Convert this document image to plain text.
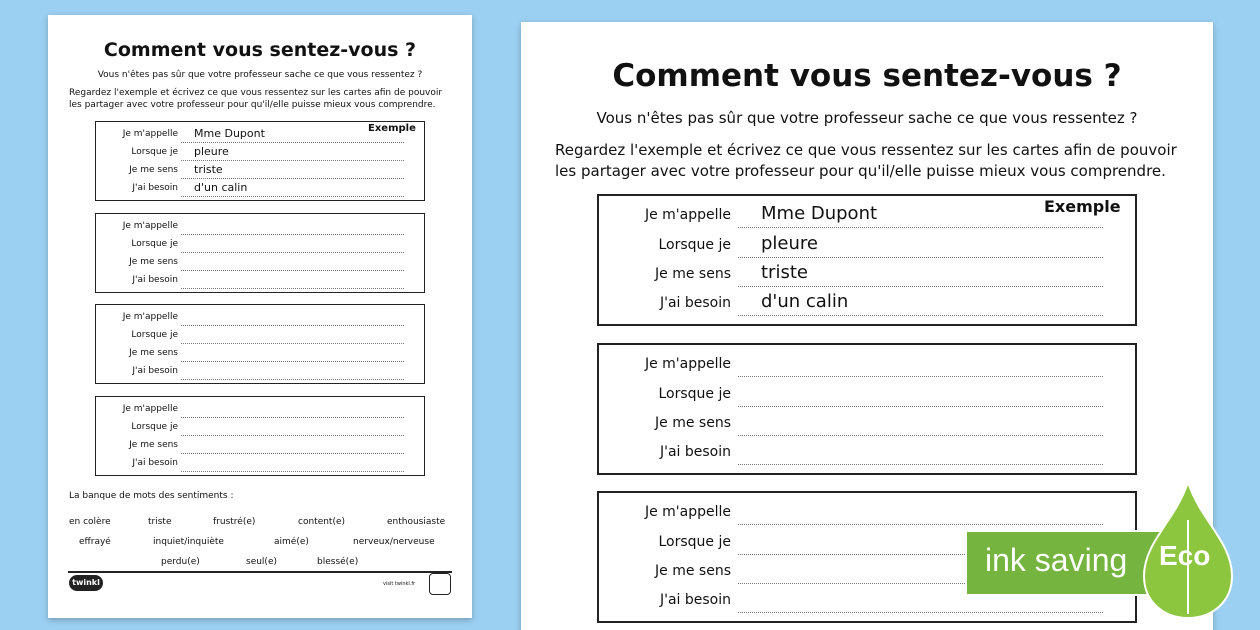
Comment vous sentez-vous ?
Vous n'êtes pas sûr que votre professeur sache ce que vous ressentez ?
Regardez l'exemple et écrivez ce que vous ressentez sur les cartes afin de pouvoir
les partager avec votre professeur pour qu'il/elle puisse mieux vous comprendre.
Exemple
Je m'appelle Mme Dupont
Lorsque je pleure
Je me sens triste
J'ai besoin d'un calin
Je m'appelle
Lorsque je
Je me sens
J'ai besoin
Je m'appelle
Lorsque je
Je me sens
J'ai besoin
Je m'appelle
Lorsque je
Je me sens
J'ai besoin
La banque de mots des sentiments :
en colère	triste	frustré(e)	content(e)	enthousiaste
effrayé	inquiet/inquiète	aimé(e)	nerveux/nerveuse
perdu(e)	seul(e)	blessé(e)
twinkl	visit twinkl.fr
Comment vous sentez-vous ?
Vous n'êtes pas sûr que votre professeur sache ce que vous ressentez ?
Regardez l'exemple et écrivez ce que vous ressentez sur les cartes afin de pouvoir
les partager avec votre professeur pour qu'il/elle puisse mieux vous comprendre.
Exemple
Je m'appelle Mme Dupont
Lorsque je pleure
Je me sens triste
J'ai besoin d'un calin
Je m'appelle
Lorsque je
Je me sens
J'ai besoin
Je m'appelle
Lorsque je
Je me sens
J'ai besoin
ink saving Eco
